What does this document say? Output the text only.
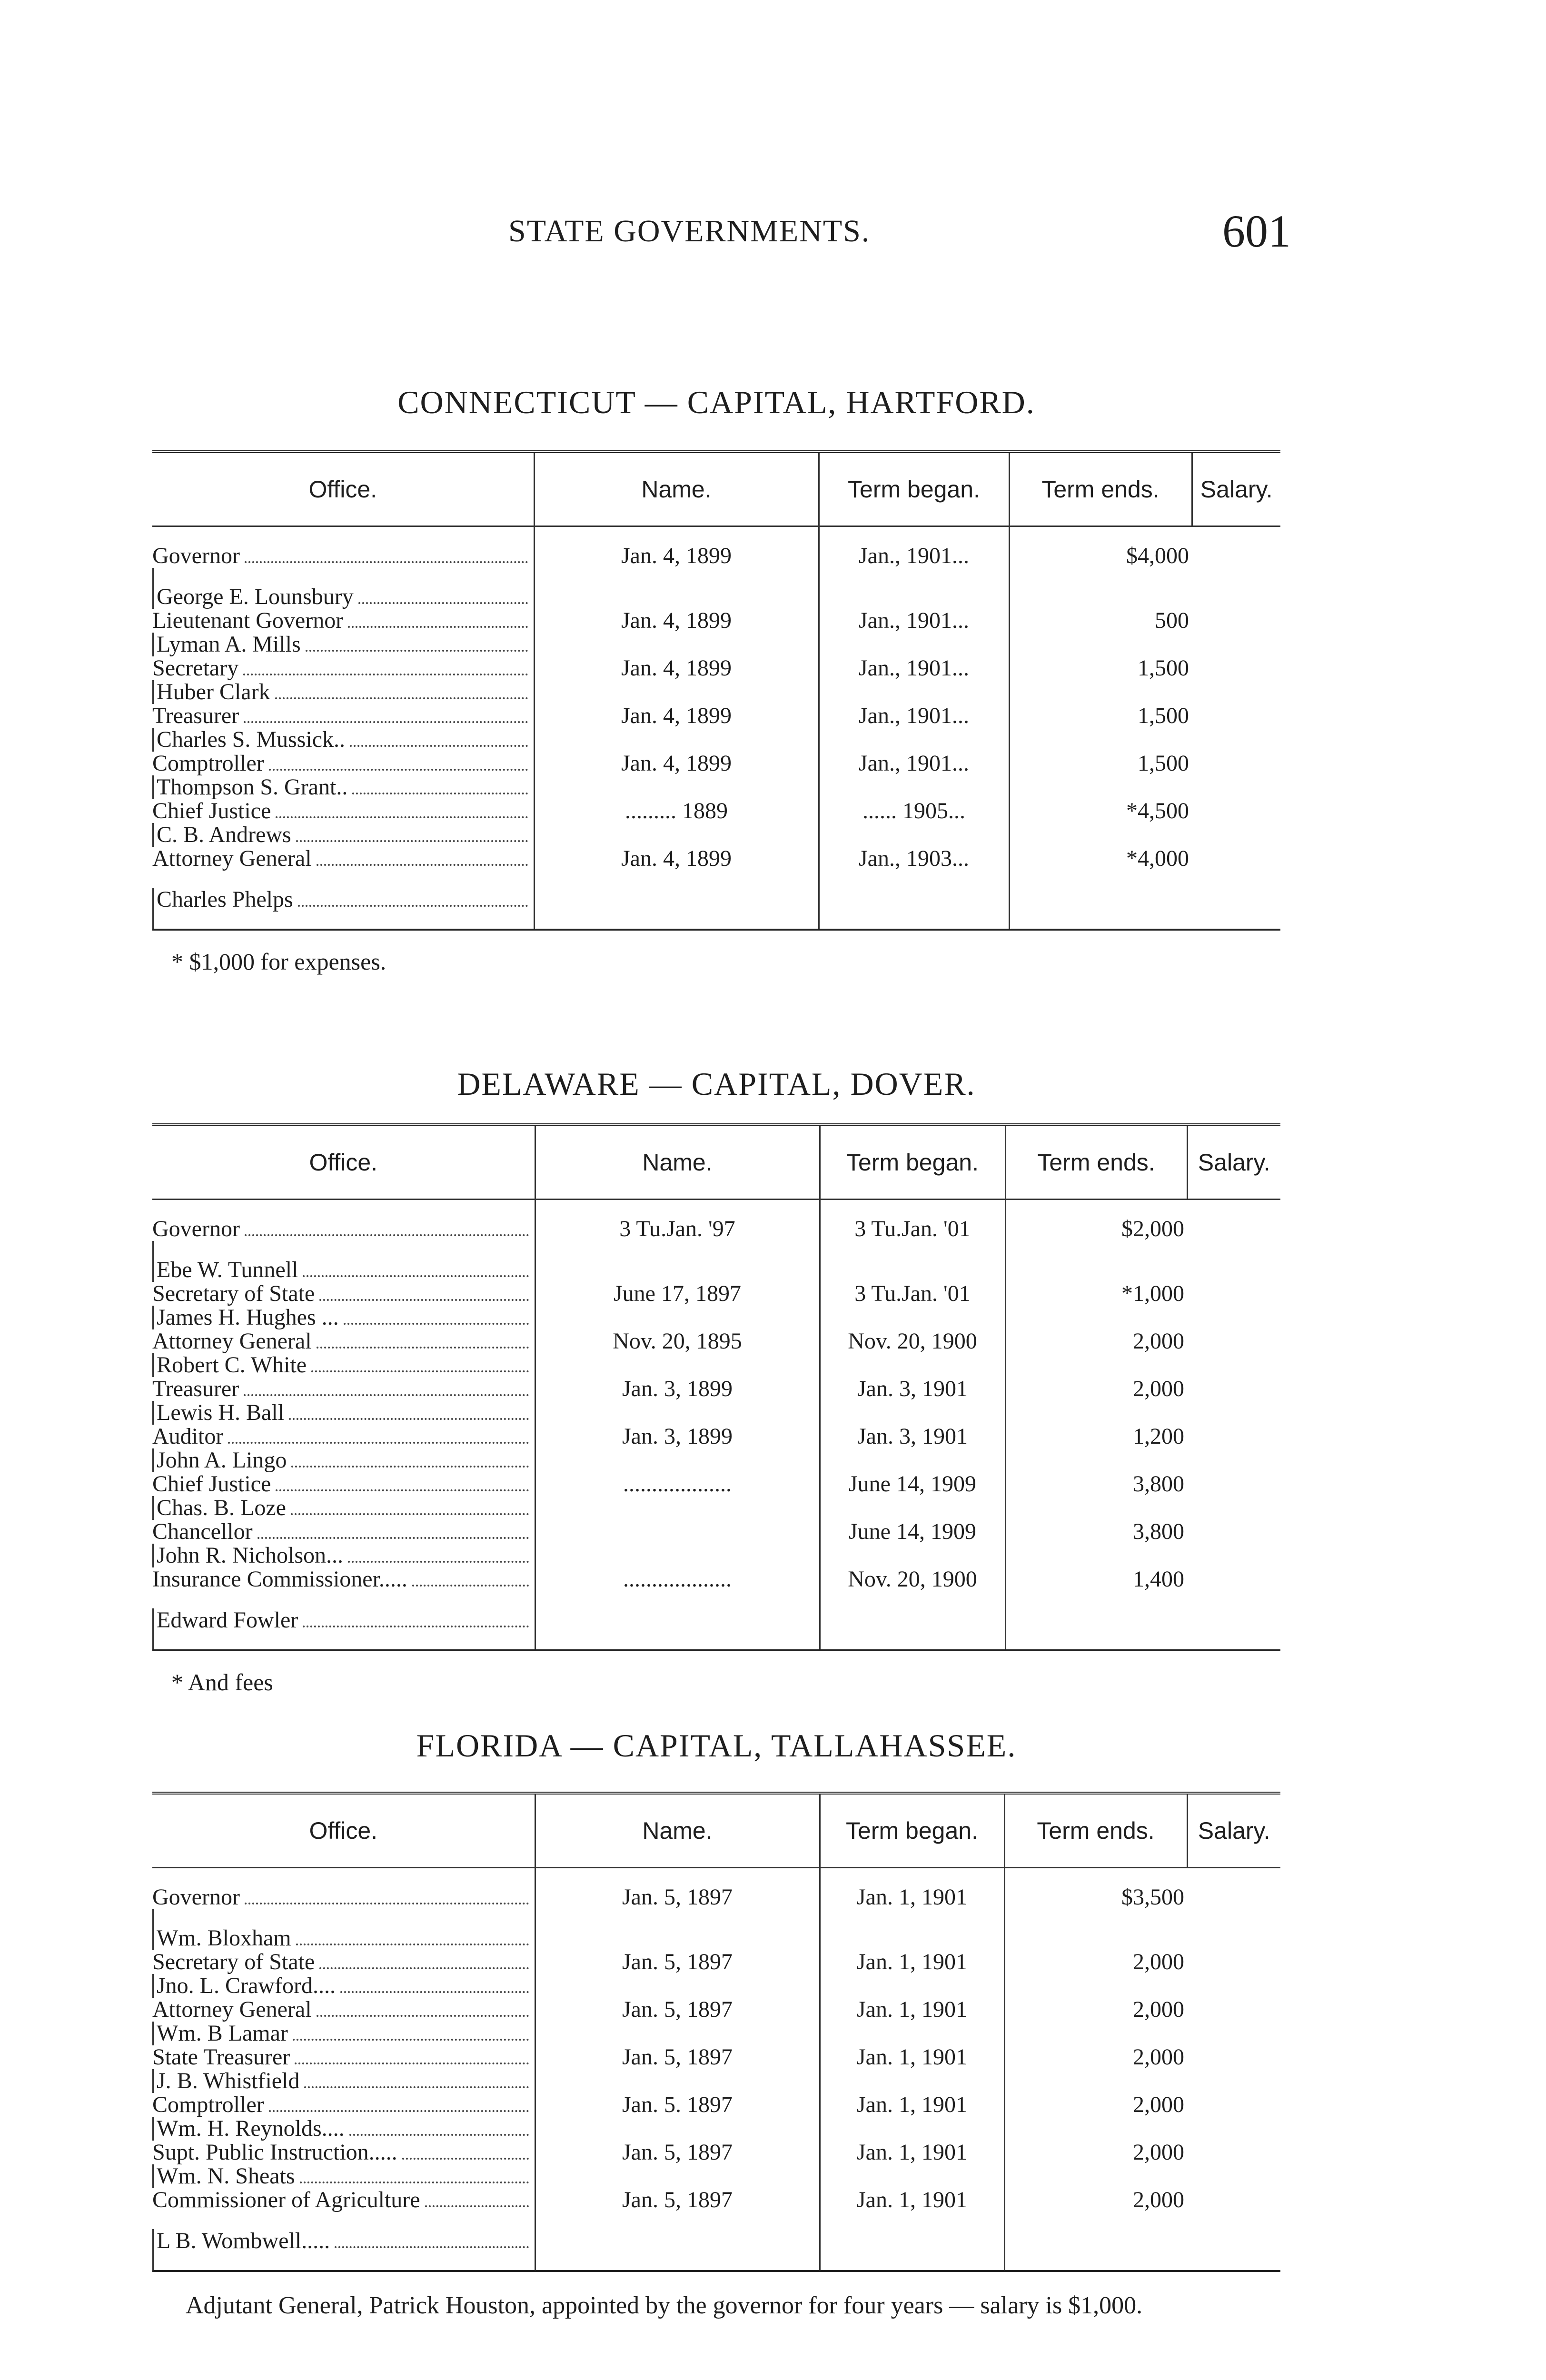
STATE GOVERNMENTS.	601
CONNECTICUT — CAPITAL, HARTFORD.
Office.	Name.	Term began.	Term ends.	Salary.

Governor
George E. Lounsbury
Jan. 4, 1899	Jan., 1901...	$4,000	

Lieutenant Governor
Lyman A. Mills
Jan. 4, 1899	Jan., 1901...	500	

Secretary
Huber Clark
Jan. 4, 1899	Jan., 1901...	1,500	

Treasurer
Charles S. Mussick..
Jan. 4, 1899	Jan., 1901...	1,500	

Comptroller
Thompson S. Grant..
Jan. 4, 1899	Jan., 1901...	1,500	

Chief Justice
C. B. Andrews
......... 1889	...... 1905...	*4,500	

Attorney General
Charles Phelps
Jan. 4, 1899	Jan., 1903...	*4,000	
* $1,000 for expenses.
DELAWARE — CAPITAL, DOVER.
Office.	Name.	Term began.	Term ends.	Salary.

Governor
Ebe W. Tunnell
3 Tu.Jan. '97	3 Tu.Jan. '01	$2,000	

Secretary of State
James H. Hughes ...
June 17, 1897	3 Tu.Jan. '01	*1,000	

Attorney General
Robert C. White
Nov. 20, 1895	Nov. 20, 1900	2,000	

Treasurer
Lewis H. Ball
Jan. 3, 1899	Jan. 3, 1901	2,000	

Auditor
John A. Lingo
Jan. 3, 1899	Jan. 3, 1901	1,200	

Chief Justice
Chas. B. Loze
...................	June 14, 1909	3,800	

Chancellor
John R. Nicholson...
	June 14, 1909	3,800	

Insurance Commissioner.....
Edward Fowler
...................	Nov. 20, 1900	1,400	
* And fees
FLORIDA — CAPITAL, TALLAHASSEE.
Office.	Name.	Term began.	Term ends.	Salary.

Governor
Wm. Bloxham
Jan. 5, 1897	Jan. 1, 1901	$3,500	

Secretary of State
Jno. L. Crawford....
Jan. 5, 1897	Jan. 1, 1901	2,000	

Attorney General
Wm. B Lamar
Jan. 5, 1897	Jan. 1, 1901	2,000	

State Treasurer
J. B. Whistfield
Jan. 5, 1897	Jan. 1, 1901	2,000	

Comptroller
Wm. H. Reynolds....
Jan. 5. 1897	Jan. 1, 1901	2,000	

Supt. Public Instruction.....
Wm. N. Sheats
Jan. 5, 1897	Jan. 1, 1901	2,000	

Commissioner of Agriculture
L B. Wombwell.....
Jan. 5, 1897	Jan. 1, 1901	2,000	
Adjutant General, Patrick Houston, appointed by the governor for four years — salary is $1,000.
